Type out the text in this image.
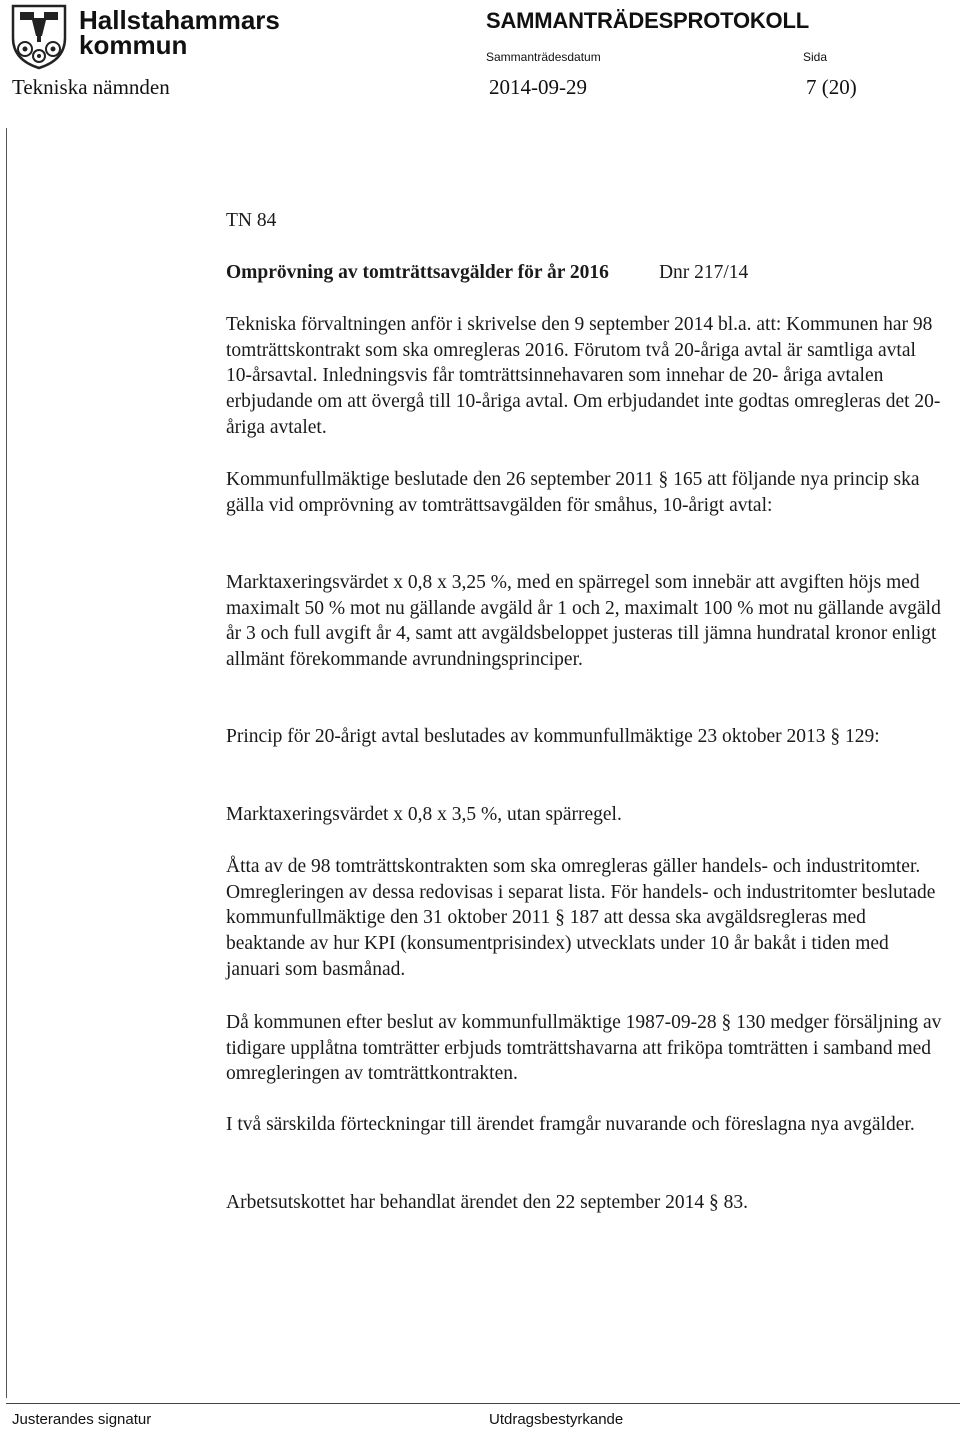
Hallstahammars
kommun
SAMMANTRÄDESPROTOKOLL
Sammanträdesdatum	Sida
Tekniska nämnden	2014-09-29	7 (20)
TN 84
Omprövning av tomträttsavgälder för år 2016	Dnr 217/14

Tekniska förvaltningen anför i skrivelse den 9 september 2014 bl.a. att: Kommunen har 98 tomträttskontrakt som ska omregleras 2016. Förutom två 20-åriga avtal är samtliga avtal 10-årsavtal. Inledningsvis får tomträttsinnehavaren som innehar de 20- åriga avtalen erbjudande om att övergå till 10-åriga avtal. Om erbjudandet inte godtas omregleras det 20- åriga avtalet.

Kommunfullmäktige beslutade den 26 september 2011 § 165 att följande nya princip ska gälla vid omprövning av tomträttsavgälden för småhus, 10-årigt avtal:

Marktaxeringsvärdet x 0,8 x 3,25 %, med en spärregel som innebär att avgiften höjs med maximalt 50 % mot nu gällande avgäld år 1 och 2, maximalt 100 % mot nu gällande avgäld år 3 och full avgift år 4, samt att avgäldsbeloppet justeras till jämna hundratal kronor enligt allmänt förekommande avrundningsprinciper.

Princip för 20-årigt avtal beslutades av kommunfullmäktige 23 oktober 2013 § 129:

Marktaxeringsvärdet x 0,8 x 3,5 %, utan spärregel.

Åtta av de 98 tomträttskontrakten som ska omregleras gäller handels- och industritomter. Omregleringen av dessa redovisas i separat lista. För handels- och industritomter beslutade kommunfullmäktige den 31 oktober 2011 § 187 att dessa ska avgäldsregleras med beaktande av hur KPI (konsumentprisindex) utvecklats under 10 år bakåt i tiden med januari som basmånad.

Då kommunen efter beslut av kommunfullmäktige 1987-09-28 § 130 medger försäljning av tidigare upplåtna tomträtter erbjuds tomträttshavarna att friköpa tomträtten i samband med omregleringen av tomträttkontrakten.

I två särskilda förteckningar till ärendet framgår nuvarande och föreslagna nya avgälder.

Arbetsutskottet har behandlat ärendet den 22 september 2014 § 83.

Justerandes signatur	Utdragsbestyrkande
